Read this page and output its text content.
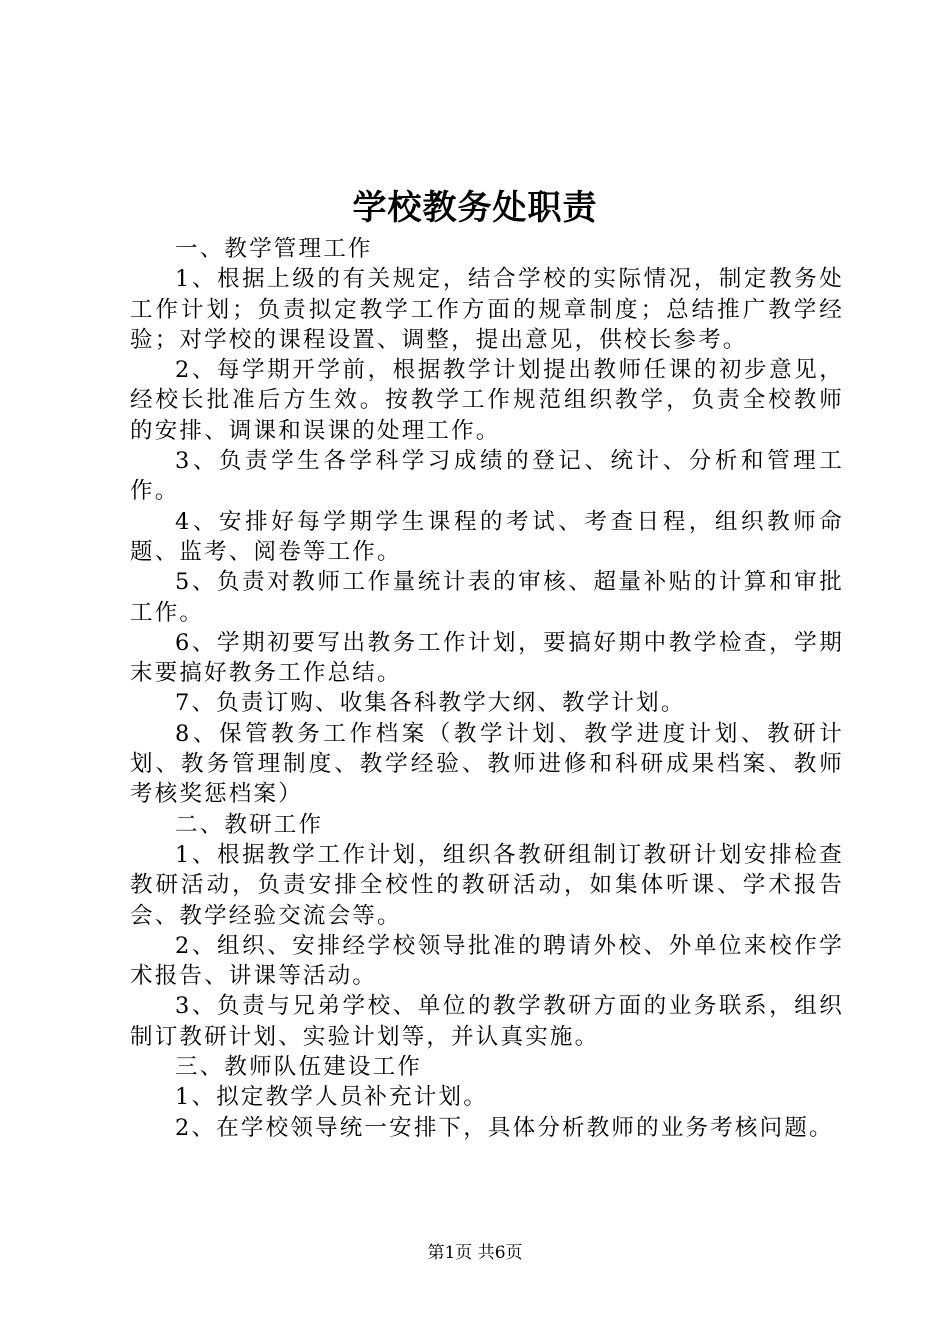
学校教务处职责

一、教学管理工作

1、根据上级的有关规定，结合学校的实际情况，制定教务处工作计划；负责拟定教学工作方面的规章制度；总结推广教学经验；对学校的课程设置、调整，提出意见，供校长参考。

2、每学期开学前，根据教学计划提出教师任课的初步意见，经校长批准后方生效。按教学工作规范组织教学，负责全校教师的安排、调课和误课的处理工作。

3、负责学生各学科学习成绩的登记、统计、分析和管理工作。

4、安排好每学期学生课程的考试、考查日程，组织教师命题、监考、阅卷等工作。

5、负责对教师工作量统计表的审核、超量补贴的计算和审批工作。

6、学期初要写出教务工作计划，要搞好期中教学检查，学期末要搞好教务工作总结。

7、负责订购、收集各科教学大纲、教学计划。

8、保管教务工作档案（教学计划、教学进度计划、教研计划、教务管理制度、教学经验、教师进修和科研成果档案、教师考核奖惩档案）

二、教研工作

1、根据教学工作计划，组织各教研组制订教研计划安排检查教研活动，负责安排全校性的教研活动，如集体听课、学术报告会、教学经验交流会等。

2、组织、安排经学校领导批准的聘请外校、外单位来校作学术报告、讲课等活动。

3、负责与兄弟学校、单位的教学教研方面的业务联系，组织制订教研计划、实验计划等，并认真实施。

三、教师队伍建设工作

1、拟定教学人员补充计划。

2、在学校领导统一安排下，具体分析教师的业务考核问题。

第1页 共6页
